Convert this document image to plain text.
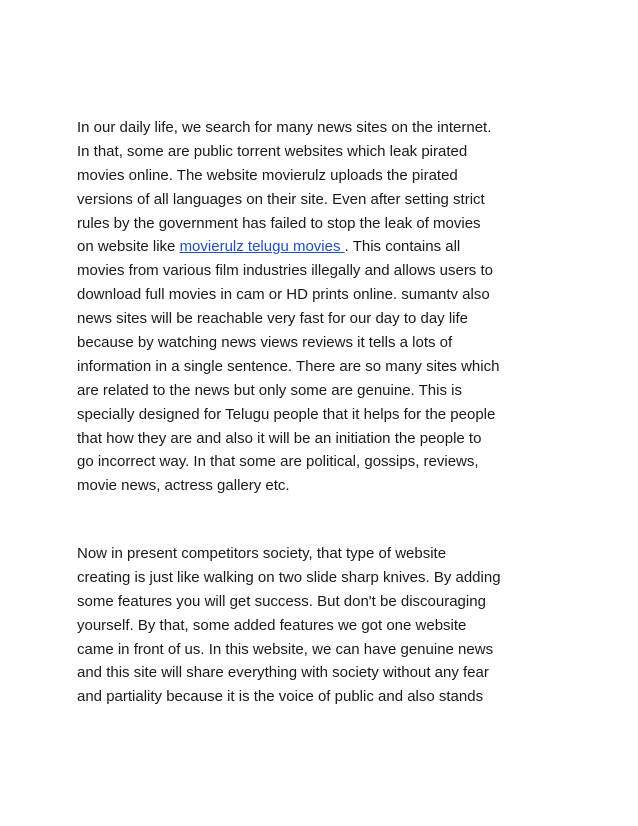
In our daily life, we search for many news sites on the internet.
In that, some are public torrent websites which leak pirated
movies online. The website movierulz uploads the pirated
versions of all languages on their site. Even after setting strict
rules by the government has failed to stop the leak of movies
on website like movierulz telugu movies . This contains all
movies from various film industries illegally and allows users to
download full movies in cam or HD prints online. sumantv also
news sites will be reachable very fast for our day to day life
because by watching news views reviews it tells a lots of
information in a single sentence. There are so many sites which
are related to the news but only some are genuine. This is
specially designed for Telugu people that it helps for the people
that how they are and also it will be an initiation the people to
go incorrect way. In that some are political, gossips, reviews,
movie news, actress gallery etc.
Now in present competitors society, that type of website
creating is just like walking on two slide sharp knives. By adding
some features you will get success. But don't be discouraging
yourself. By that, some added features we got one website
came in front of us. In this website, we can have genuine news
and this site will share everything with society without any fear
and partiality because it is the voice of public and also stands
